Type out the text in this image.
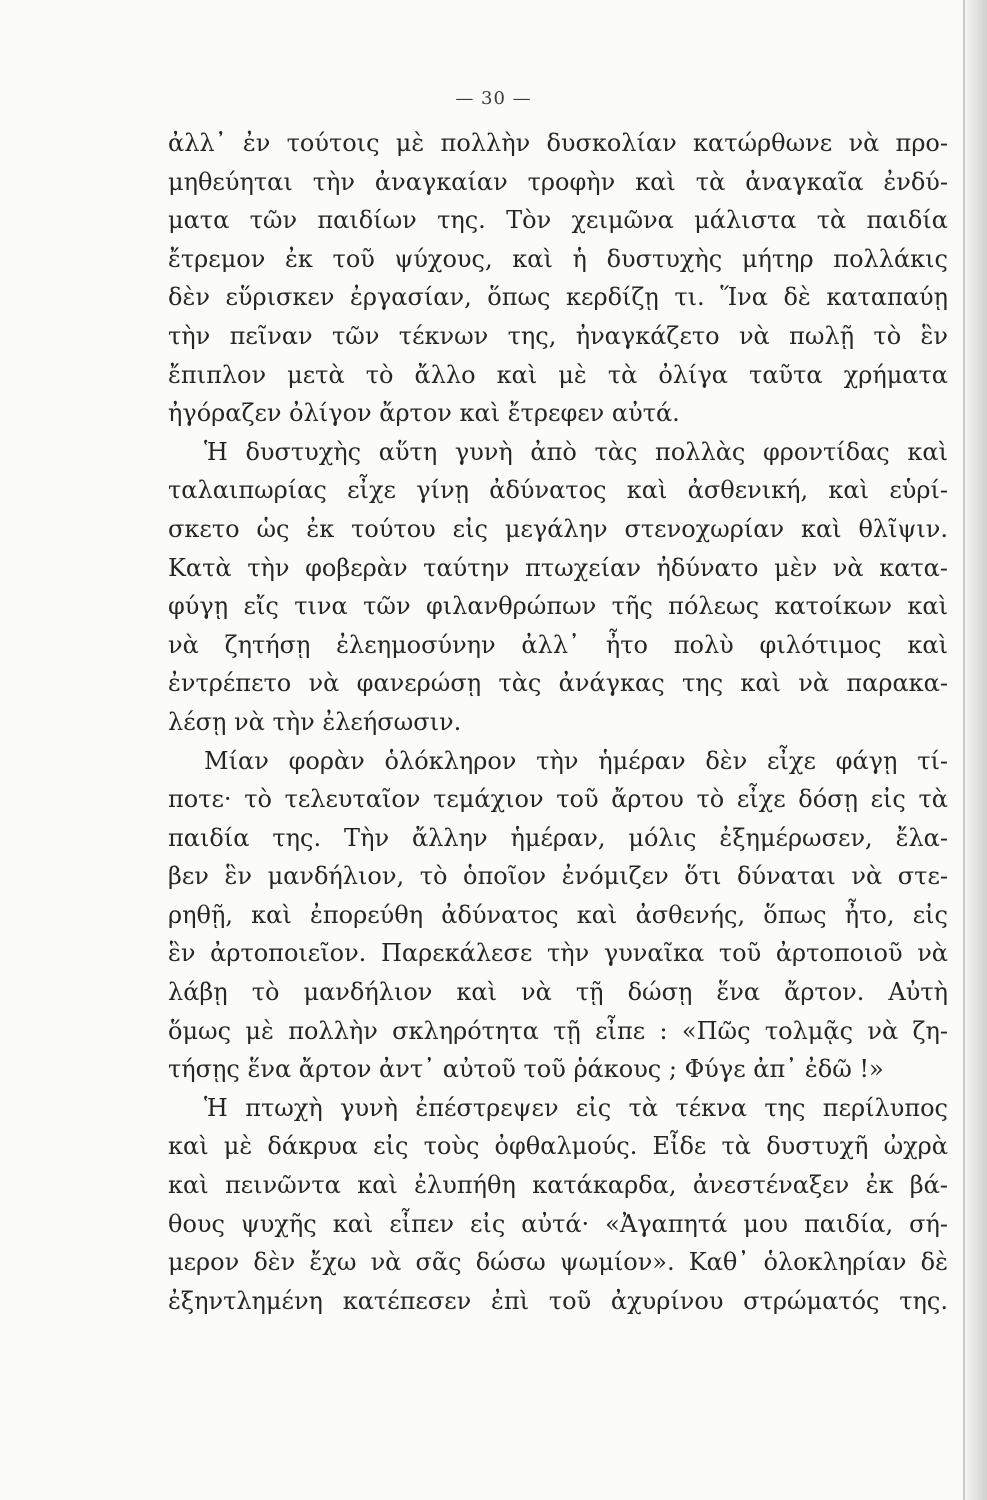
— 30 —
ἀλλ᾽ ἐν τούτοις μὲ πολλὴν δυσκολίαν κατώρθωνε νὰ προ-
μηθεύηται τὴν ἀναγκαίαν τροφὴν καὶ τὰ ἀναγκαῖα ἐνδύ-
ματα τῶν παιδίων της. Τὸν χειμῶνα μάλιστα τὰ παιδία
ἔτρεμον ἐκ τοῦ ψύχους, καὶ ἡ δυστυχὴς μήτηρ πολλάκις
δὲν εὕρισκεν ἐργασίαν, ὅπως κερδίζῃ τι. Ἵνα δὲ καταπαύῃ
τὴν πεῖναν τῶν τέκνων της, ἠναγκάζετο νὰ πωλῇ τὸ ἓν
ἔπιπλον μετὰ τὸ ἄλλο καὶ μὲ τὰ ὀλίγα ταῦτα χρήματα
ἠγόραζεν ὀλίγον ἄρτον καὶ ἔτρεφεν αὐτά.
Ἡ δυστυχὴς αὕτη γυνὴ ἀπὸ τὰς πολλὰς φροντίδας καὶ
ταλαιπωρίας εἶχε γίνῃ ἀδύνατος καὶ ἀσθενική, καὶ εὑρί-
σκετο ὡς ἐκ τούτου εἰς μεγάλην στενοχωρίαν καὶ θλῖψιν.
Κατὰ τὴν φοβερὰν ταύτην πτωχείαν ἠδύνατο μὲν νὰ κατα-
φύγῃ εἴς τινα τῶν φιλανθρώπων τῆς πόλεως κατοίκων καὶ
νὰ ζητήσῃ ἐλεημοσύνην ἀλλ᾽ ἦτο πολὺ φιλότιμος καὶ
ἐντρέπετο νὰ φανερώσῃ τὰς ἀνάγκας της καὶ νὰ παρακα-
λέσῃ νὰ τὴν ἐλεήσωσιν.
Μίαν φορὰν ὁλόκληρον τὴν ἡμέραν δὲν εἶχε φάγῃ τί-
ποτε· τὸ τελευταῖον τεμάχιον τοῦ ἄρτου τὸ εἶχε δόσῃ εἰς τὰ
παιδία της. Τὴν ἄλλην ἡμέραν, μόλις ἐξημέρωσεν, ἔλα-
βεν ἓν μανδήλιον, τὸ ὁποῖον ἐνόμιζεν ὅτι δύναται νὰ στε-
ρηθῇ, καὶ ἐπορεύθη ἀδύνατος καὶ ἀσθενής, ὅπως ἦτο, εἰς
ἓν ἀρτοποιεῖον. Παρεκάλεσε τὴν γυναῖκα τοῦ ἀρτοποιοῦ νὰ
λάβῃ τὸ μανδήλιον καὶ νὰ τῇ δώσῃ ἕνα ἄρτον. Αὐτὴ
ὅμως μὲ πολλὴν σκληρότητα τῇ εἶπε : «Πῶς τολμᾷς νὰ ζη-
τήσῃς ἕνα ἄρτον ἀντ᾽ αὐτοῦ τοῦ ῥάκους ; Φύγε ἀπ᾽ ἐδῶ !»
Ἡ πτωχὴ γυνὴ ἐπέστρεψεν εἰς τὰ τέκνα της περίλυπος
καὶ μὲ δάκρυα εἰς τοὺς ὀφθαλμούς. Εἶδε τὰ δυστυχῆ ὠχρὰ
καὶ πεινῶντα καὶ ἐλυπήθη κατάκαρδα, ἀνεστέναξεν ἐκ βά-
θους ψυχῆς καὶ εἶπεν εἰς αὐτά· «Ἀγαπητά μου παιδία, σή-
μερον δὲν ἔχω νὰ σᾶς δώσω ψωμίον». Καθ᾽ ὁλοκληρίαν δὲ
ἐξηντλημένη κατέπεσεν ἐπὶ τοῦ ἀχυρίνου στρώματός της.
